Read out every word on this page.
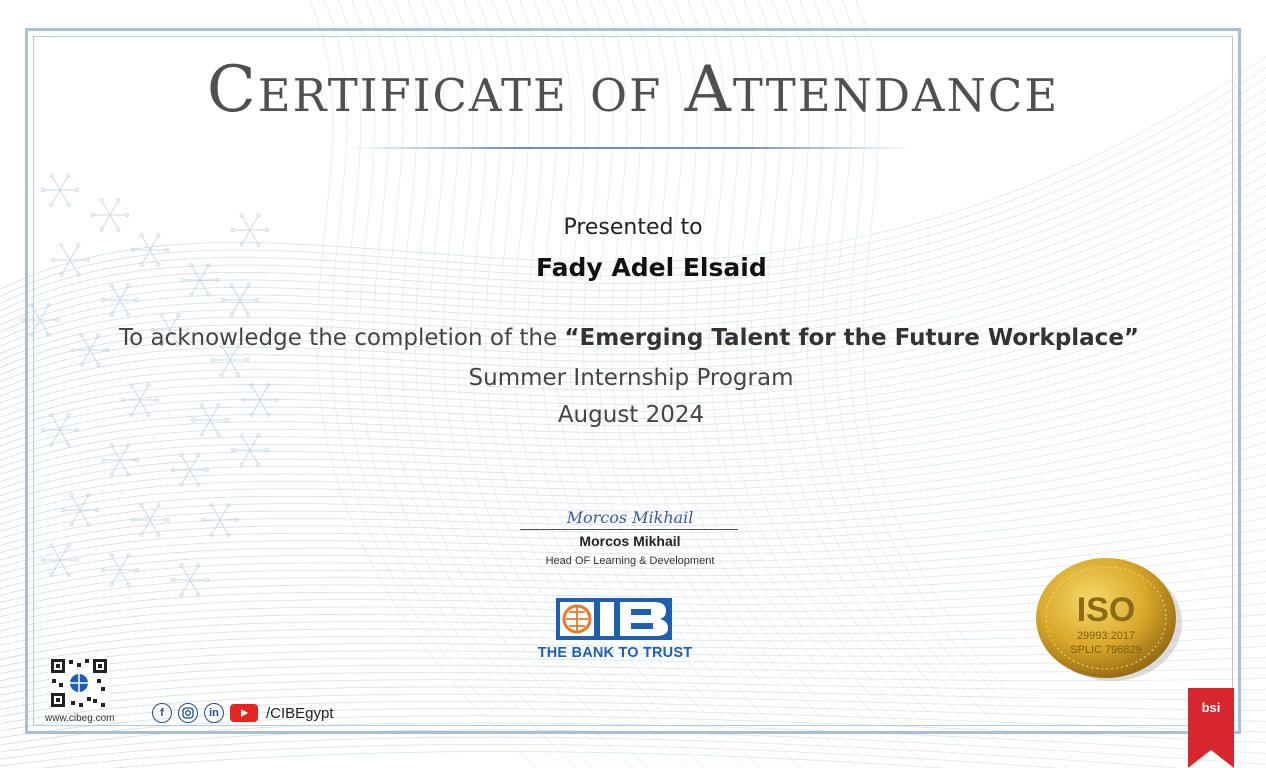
Certificate of Attendance
Presented to
Fady Adel Elsaid
To acknowledge the completion of the “Emerging Talent for the Future Workplace”
Summer Internship Program
August 2024
Morcos Mikhail
Morcos Mikhail
Head OF Learning & Development
THE BANK TO TRUST
www.cibeg.com	f	in	/CIBEgypt
ISO
29993:2017
SPLIC 796829
bsi
